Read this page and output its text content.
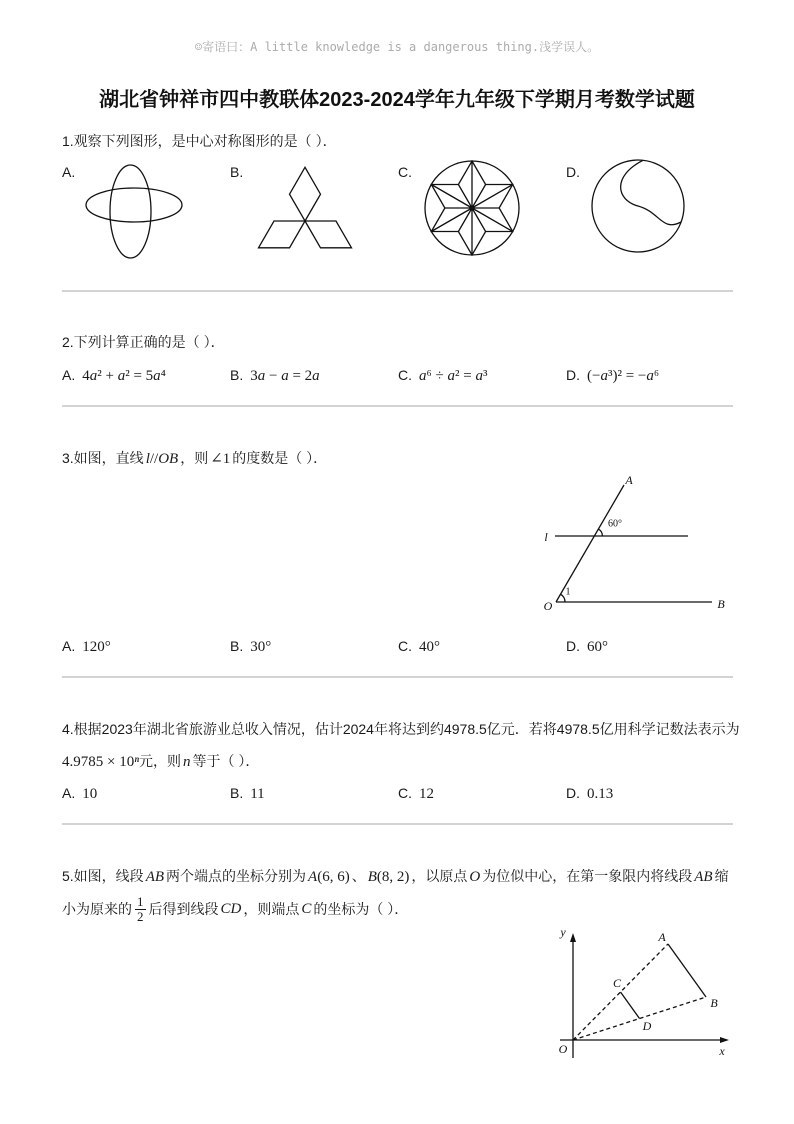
☺寄语曰：A little knowledge is a dangerous thing.浅学误人。
湖北省钟祥市四中教联体2023-2024学年九年级下学期月考数学试题
1.观察下列图形，是中心对称图形的是（ ）．
A.	B.	C.	D.
2.下列计算正确的是（ ）．
A. 4a² + a² = 5a⁴	B. 3a − a = 2a	C. a⁶ ÷ a² = a³	D. (−a³)² = −a⁶
3.如图，直线 l//OB ，则 ∠1 的度数是（ ）．
A
l
60°
O
1
B
A. 120°	B. 30°	C. 40°	D. 60°
4.根据2023年湖北省旅游业总收入情况，估计2024年将达到约4978.5亿元．若将4978.5亿用科学记数法表示为
4.9785 × 10ⁿ 元，则 n 等于（ ）．
A. 10	B. 11	C. 12	D. 0.13
5.如图，线段 AB 两个端点的坐标分别为 A(6, 6) 、 B(8, 2) ，以原点 O 为位似中心，在第一象限内将线段 AB 缩
小为原来的 $\frac{1}{2}$ 后得到线段 CD ，则端点 C 的坐标为（ ）．
y
x
O
A
B
C
D
